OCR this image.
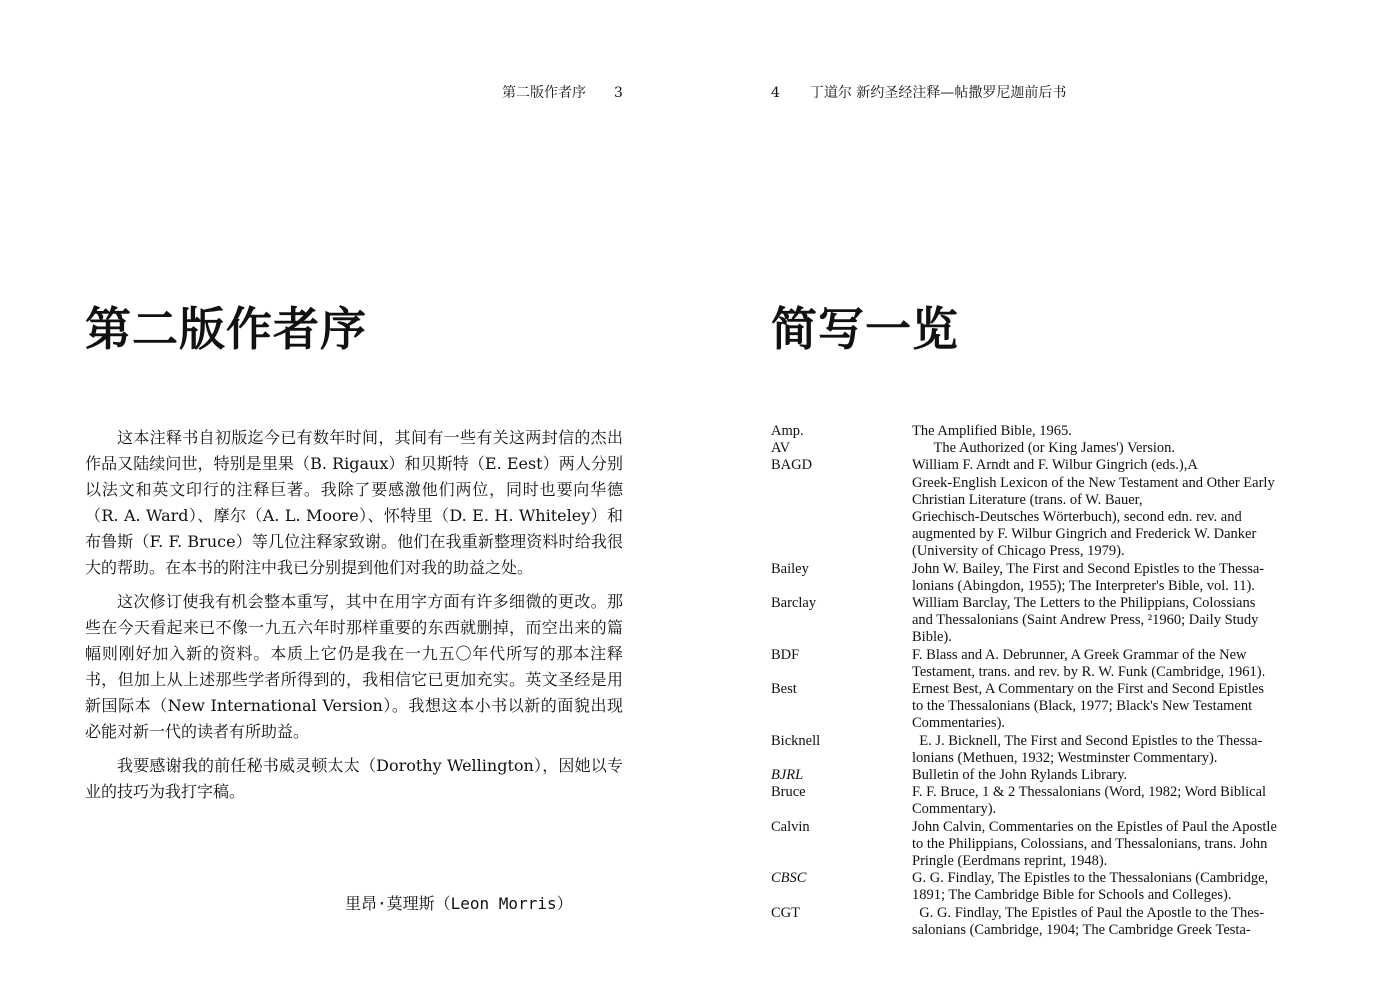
第二版作者序 3
第二版作者序

这本注释书自初版迄今已有数年时间，其间有一些有关这两封信的杰出作品又陆续问世，特别是里果（B. Rigaux）和贝斯特（E. Eest）两人分别以法文和英文印行的注释巨著。我除了要感激他们两位，同时也要向华德（R. A. Ward）、摩尔（A. L. Moore）、怀特里（D. E. H. Whiteley）和布鲁斯（F. F. Bruce）等几位注释家致谢。他们在我重新整理资料时给我很大的帮助。在本书的附注中我已分别提到他们对我的助益之处。

这次修订使我有机会整本重写，其中在用字方面有许多细微的更改。那些在今天看起来已不像一九五六年时那样重要的东西就删掉，而空出来的篇幅则刚好加入新的资料。本质上它仍是我在一九五〇年代所写的那本注释书，但加上从上述那些学者所得到的，我相信它已更加充实。英文圣经是用新国际本（New International Version）。我想这本小书以新的面貌出现必能对新一代的读者有所助益。

我要感谢我的前任秘书威灵顿太太（Dorothy Wellington），因她以专业的技巧为我打字稿。

里昂·莫理斯（Leon Morris）
4 丁道尔 新约圣经注释—帖撒罗尼迦前后书
简写一览
Amp.	The Amplified Bible, 1965.
AV	The Authorized (or King James') Version.
BAGD	William F. Arndt and F. Wilbur Gingrich (eds.),A
Greek-English Lexicon of the New Testament and Other Early
Christian Literature (trans. of W. Bauer,
Griechisch-Deutsches Wörterbuch), second edn. rev. and
augmented by F. Wilbur Gingrich and Frederick W. Danker
(University of Chicago Press, 1979).
Bailey	John W. Bailey, The First and Second Epistles to the Thessa-
lonians (Abingdon, 1955); The Interpreter's Bible, vol. 11).
Barclay	William Barclay, The Letters to the Philippians, Colossians
and Thessalonians (Saint Andrew Press, ²1960; Daily Study
Bible).
BDF	F. Blass and A. Debrunner, A Greek Grammar of the New
Testament, trans. and rev. by R. W. Funk (Cambridge, 1961).
Best	Ernest Best, A Commentary on the First and Second Epistles
to the Thessalonians (Black, 1977; Black's New Testament
Commentaries).
Bicknell	E. J. Bicknell, The First and Second Epistles to the Thessa-
lonians (Methuen, 1932; Westminster Commentary).
BJRL	Bulletin of the John Rylands Library.
Bruce	F. F. Bruce, 1 & 2 Thessalonians (Word, 1982; Word Biblical
Commentary).
Calvin	John Calvin, Commentaries on the Epistles of Paul the Apostle
to the Philippians, Colossians, and Thessalonians, trans. John
Pringle (Eerdmans reprint, 1948).
CBSC	G. G. Findlay, The Epistles to the Thessalonians (Cambridge,
1891; The Cambridge Bible for Schools and Colleges).
CGT	G. G. Findlay, The Epistles of Paul the Apostle to the Thes-
salonians (Cambridge, 1904; The Cambridge Greek Testa-
